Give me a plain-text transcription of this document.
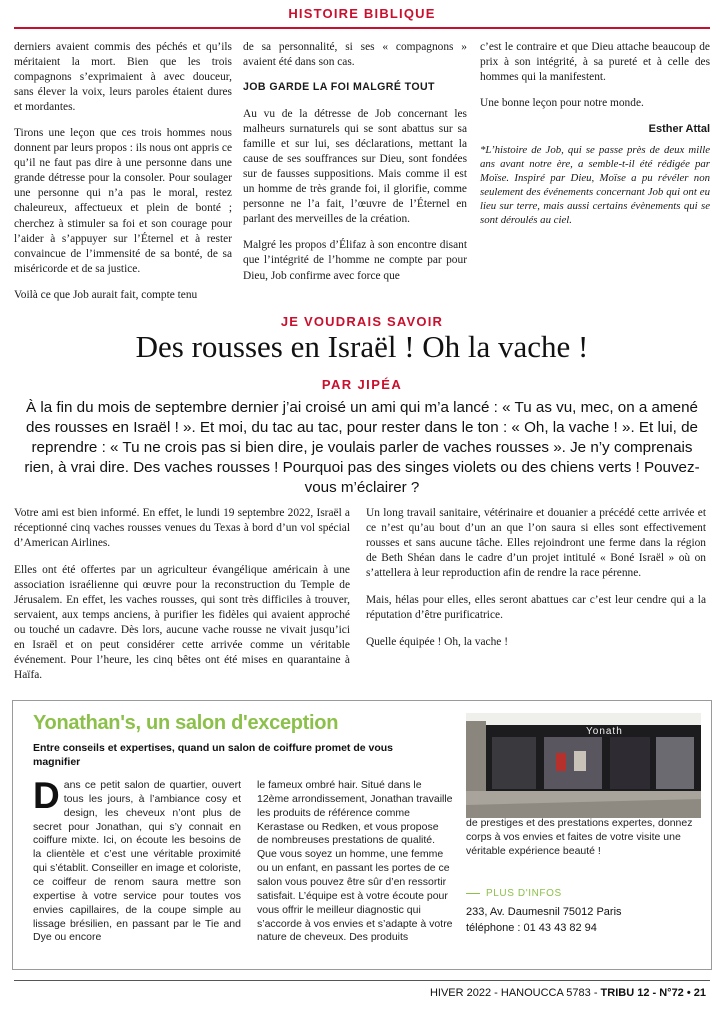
HISTOIRE BIBLIQUE

derniers avaient commis des péchés et qu’ils méritaient la mort. Bien que les trois compagnons s’exprimaient à avec douceur, sans élever la voix, leurs paroles étaient dures et mordantes.

Tirons une leçon que ces trois hommes nous donnent par leurs propos : ils nous ont appris ce qu’il ne faut pas dire à une personne dans une grande détresse pour la consoler. Pour soulager une personne qui n’a pas le moral, restez chaleureux, affectueux et plein de bonté ; cherchez à stimuler sa foi et son courage pour l’aider à s’appuyer sur l’Éternel et à rester convaincue de l’immensité de sa bonté, de sa miséricorde et de sa justice.

Voilà ce que Job aurait fait, compte tenu

de sa personnalité, si ses « compagnons » avaient été dans son cas.

JOB GARDE LA FOI MALGRÉ TOUT

Au vu de la détresse de Job concernant les malheurs surnaturels qui se sont abattus sur sa famille et sur lui, ses déclarations, mettant la cause de ses souffrances sur Dieu, sont fondées sur de fausses suppositions. Mais comme il est un homme de très grande foi, il glorifie, comme personne ne l’a fait, l’œuvre de l’Éternel en parlant des merveilles de la création.

Malgré les propos d’Élifaz à son encontre disant que l’intégrité de l’homme ne compte par pour Dieu, Job confirme avec force que

c’est le contraire et que Dieu attache beaucoup de prix à son intégrité, à sa pureté et à celle des hommes qui la manifestent.

Une bonne leçon pour notre monde.

Esther Attal
*L’histoire de Job, qui se passe près de deux mille ans avant notre ère, a semble-t-il été rédigée par Moïse. Inspiré par Dieu, Moïse a pu révéler non seulement des événements concernant Job qui ont eu lieu sur terre, mais aussi certains évènements qui se sont déroulés au ciel.
JE VOUDRAIS SAVOIR
Des rousses en Israël ! Oh la vache !
PAR JIPÉA
À la fin du mois de septembre dernier j’ai croisé un ami qui m’a lancé : « Tu as vu, mec, on a amené des rousses en Israël ! ». Et moi, du tac au tac, pour rester dans le ton : « Oh, la vache ! ». Et lui, de reprendre : « Tu ne crois pas si bien dire, je voulais parler de vaches rousses ». Je n’y comprenais rien, à vrai dire. Des vaches rousses ! Pourquoi pas des singes violets ou des chiens verts ! Pouvez-vous m’éclairer ?

Votre ami est bien informé. En effet, le lundi 19 septembre 2022, Israël a réceptionné cinq vaches rousses venues du Texas à bord d’un vol spécial d’American Airlines.

Elles ont été offertes par un agriculteur évangélique américain à une association israélienne qui œuvre pour la reconstruction du Temple de Jérusalem. En effet, les vaches rousses, qui sont très difficiles à trouver, servaient, aux temps anciens, à purifier les fidèles qui avaient approché ou touché un cadavre. Dès lors, aucune vache rousse ne vivait jusqu’ici en Israël et on peut considérer cette arrivée comme un véritable événement. Pour l’heure, les cinq bêtes ont été mises en quarantaine à Haïfa.

Un long travail sanitaire, vétérinaire et douanier a précédé cette arrivée et ce n’est qu’au bout d’un an que l’on saura si elles sont effectivement rousses et sans aucune tâche. Elles rejoindront une ferme dans la région de Beth Shéan dans le cadre d’un projet intitulé « Boné Israël » où on s’attellera à leur reproduction afin de rendre la race pérenne.

Mais, hélas pour elles, elles seront abattues car c’est leur cendre qui a la réputation d’être purificatrice.

Quelle équipée ! Oh, la vache !

Yonathan's, un salon d'exception
Entre conseils et expertises, quand un salon de coiffure promet de vous magnifier
Dans ce petit salon de quartier, ouvert tous les jours, à l’ambiance cosy et design, les cheveux n’ont plus de secret pour Jonathan, qui s’y connait en coiffure mixte. Ici, on écoute les besoins de la clientèle et c’est une véritable proximité qui s’établit. Conseiller en image et coloriste, ce coiffeur de renom saura mettre son expertise à votre service pour toutes vos envies capillaires, de la coupe simple au lissage brésilien, en passant par le Tie and Dye ou encore
le fameux ombré hair. Situé dans le 12ème arrondissement, Jonathan travaille les produits de référence comme Kerastase ou Redken, et vous propose de nombreuses prestations de qualité. Que vous soyez un homme, une femme ou un enfant, en passant les portes de ce salon vous pouvez être sûr d’en ressortir satisfait. L’équipe est à votre écoute pour vous offrir le meilleur diagnostic qui s’accorde à vos envies et s’adapte à votre nature de cheveux. Des produits
Yonath
de prestiges et des prestations expertes, donnez corps à vos envies et faites de votre visite une véritable expérience beauté !
PLUS D'INFOS
233, Av. Daumesnil 75012 Paris
téléphone : 01 43 43 82 94
HIVER 2022 - HANOUCCA 5783 - TRIBU 12 - N°72 • 21
